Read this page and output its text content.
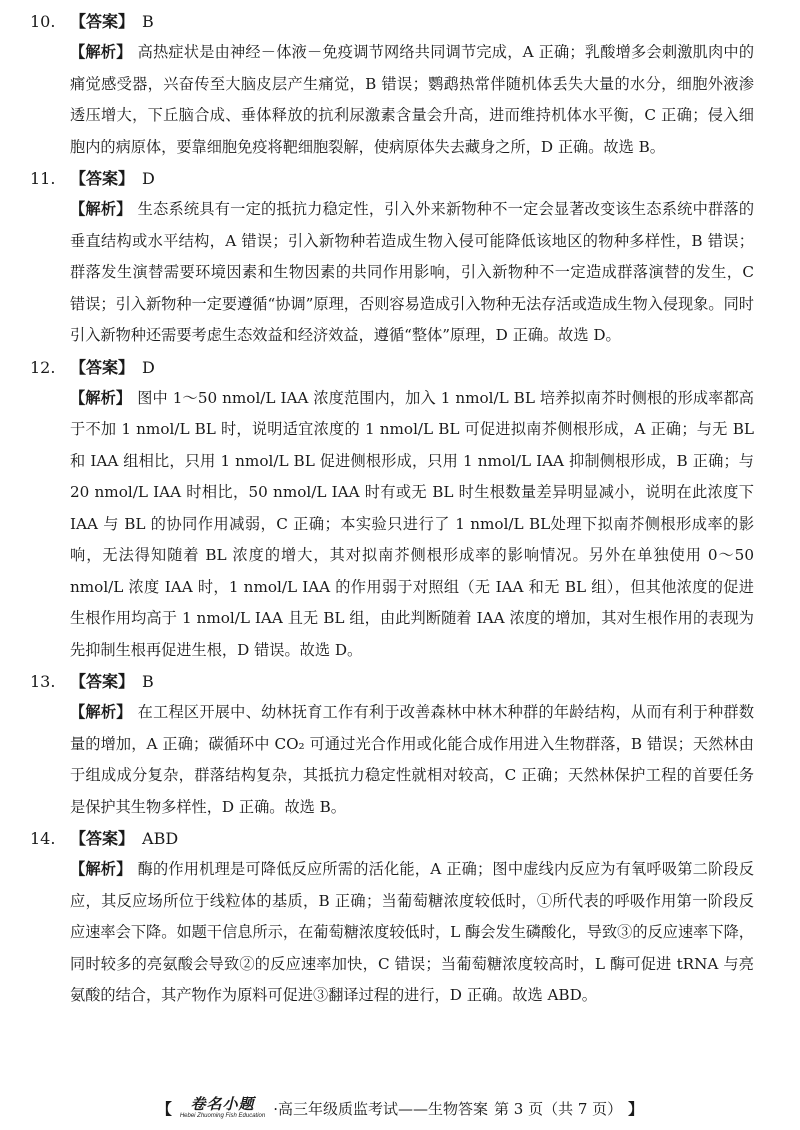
10. 【答案】 B

【解析】 高热症状是由神经－体液－免疫调节网络共同调节完成，A 正确；乳酸增多会刺激肌肉中的痛觉感受器，兴奋传至大脑皮层产生痛觉，B 错误；鹦鹉热常伴随机体丢失大量的水分，细胞外液渗透压增大，下丘脑合成、垂体释放的抗利尿激素含量会升高，进而维持机体水平衡，C 正确；侵入细胞内的病原体，要靠细胞免疫将靶细胞裂解，使病原体失去藏身之所，D 正确。故选 B。

11. 【答案】 D

【解析】 生态系统具有一定的抵抗力稳定性，引入外来新物种不一定会显著改变该生态系统中群落的垂直结构或水平结构，A 错误；引入新物种若造成生物入侵可能降低该地区的物种多样性，B 错误；群落发生演替需要环境因素和生物因素的共同作用影响，引入新物种不一定造成群落演替的发生，C 错误；引入新物种一定要遵循“协调”原理，否则容易造成引入物种无法存活或造成生物入侵现象。同时引入新物种还需要考虑生态效益和经济效益，遵循“整体”原理，D 正确。故选 D。

12. 【答案】 D

【解析】 图中 1～50 nmol/L IAA 浓度范围内，加入 1 nmol/L BL 培养拟南芥时侧根的形成率都高于不加 1 nmol/L BL 时，说明适宜浓度的 1 nmol/L BL 可促进拟南芥侧根形成，A 正确；与无 BL 和 IAA 组相比，只用 1 nmol/L BL 促进侧根形成，只用 1 nmol/L IAA 抑制侧根形成，B 正确；与 20 nmol/L IAA 时相比，50 nmol/L IAA 时有或无 BL 时生根数量差异明显减小，说明在此浓度下 IAA 与 BL 的协同作用减弱，C 正确；本实验只进行了 1 nmol/L BL处理下拟南芥侧根形成率的影响，无法得知随着 BL 浓度的增大，其对拟南芥侧根形成率的影响情况。另外在单独使用 0～50 nmol/L 浓度 IAA 时，1 nmol/L IAA 的作用弱于对照组（无 IAA 和无 BL 组），但其他浓度的促进生根作用均高于 1 nmol/L IAA 且无 BL 组，由此判断随着 IAA 浓度的增加，其对生根作用的表现为先抑制生根再促进生根，D 错误。故选 D。

13. 【答案】 B

【解析】 在工程区开展中、幼林抚育工作有利于改善森林中林木种群的年龄结构，从而有利于种群数量的增加，A 正确；碳循环中 CO₂ 可通过光合作用或化能合成作用进入生物群落，B 错误；天然林由于组成成分复杂，群落结构复杂，其抵抗力稳定性就相对较高，C 正确；天然林保护工程的首要任务是保护其生物多样性，D 正确。故选 B。

14. 【答案】 ABD

【解析】 酶的作用机理是可降低反应所需的活化能，A 正确；图中虚线内反应为有氧呼吸第二阶段反应，其反应场所位于线粒体的基质，B 正确；当葡萄糖浓度较低时，①所代表的呼吸作用第一阶段反应速率会下降。如题干信息所示，在葡萄糖浓度较低时，L 酶会发生磷酸化，导致③的反应速率下降，同时较多的亮氨酸会导致②的反应速率加快，C 错误；当葡萄糖浓度较高时，L 酶可促进 tRNA 与亮氨酸的结合，其产物作为原料可促进③翻译过程的进行，D 正确。故选 ABD。

【 卷名小题
Hebei Zhuoming Fish Education ·高三年级质监考试——生物答案 第 3 页（共 7 页） 】
